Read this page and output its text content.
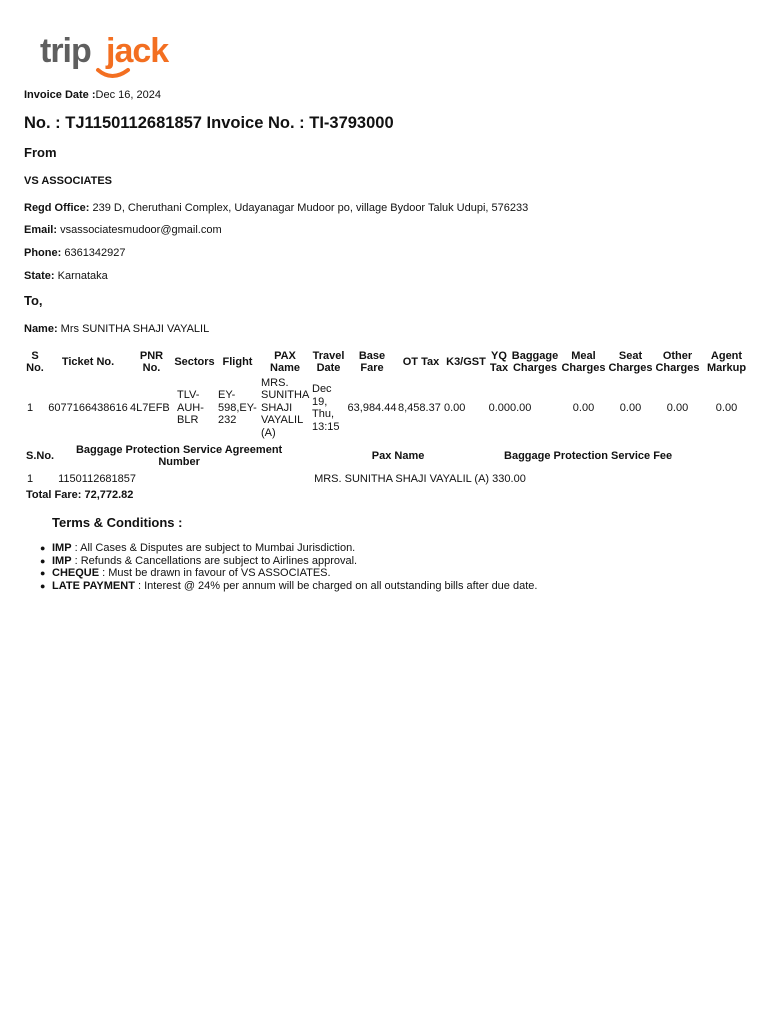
trip jack
Invoice Date :Dec 16, 2024
No. : TJ1150112681857 Invoice No. : TI-3793000
From
VS ASSOCIATES
Regd Office: 239 D, Cheruthani Complex, Udayanagar Mudoor po, village Bydoor Taluk Udupi, 576233
Email: vsassociatesmudoor@gmail.com
Phone: 6361342927
State: Karnataka
To,
Name: Mrs SUNITHA SHAJI VAYALIL
S No.	Ticket No.	PNR No.	Sectors	Flight	PAX Name	Travel Date	Base Fare	OT Tax	K3/GST	YQ Tax	Baggage Charges	Meal Charges	Seat Charges	Other Charges	Agent Markup
1	6077166438616	4L7EFB	TLV-AUH-BLR	EY-598,EY-232	MRS. SUNITHA SHAJI VAYALIL (A)	Dec 19, Thu, 13:15	63,984.44	8,458.37	0.00	0.00	0.00	0.00	0.00	0.00	0.00
S.No.	Baggage Protection Service Agreement Number	Pax Name	Baggage Protection Service Fee
1	1150112681857	MRS. SUNITHA SHAJI VAYALIL (A) 330.00	
Total Fare: 72,772.82
Terms & Conditions :
● IMP : All Cases & Disputes are subject to Mumbai Jurisdiction.
● IMP : Refunds & Cancellations are subject to Airlines approval.
● CHEQUE : Must be drawn in favour of VS ASSOCIATES.
● LATE PAYMENT : Interest @ 24% per annum will be charged on all outstanding bills after due date.
